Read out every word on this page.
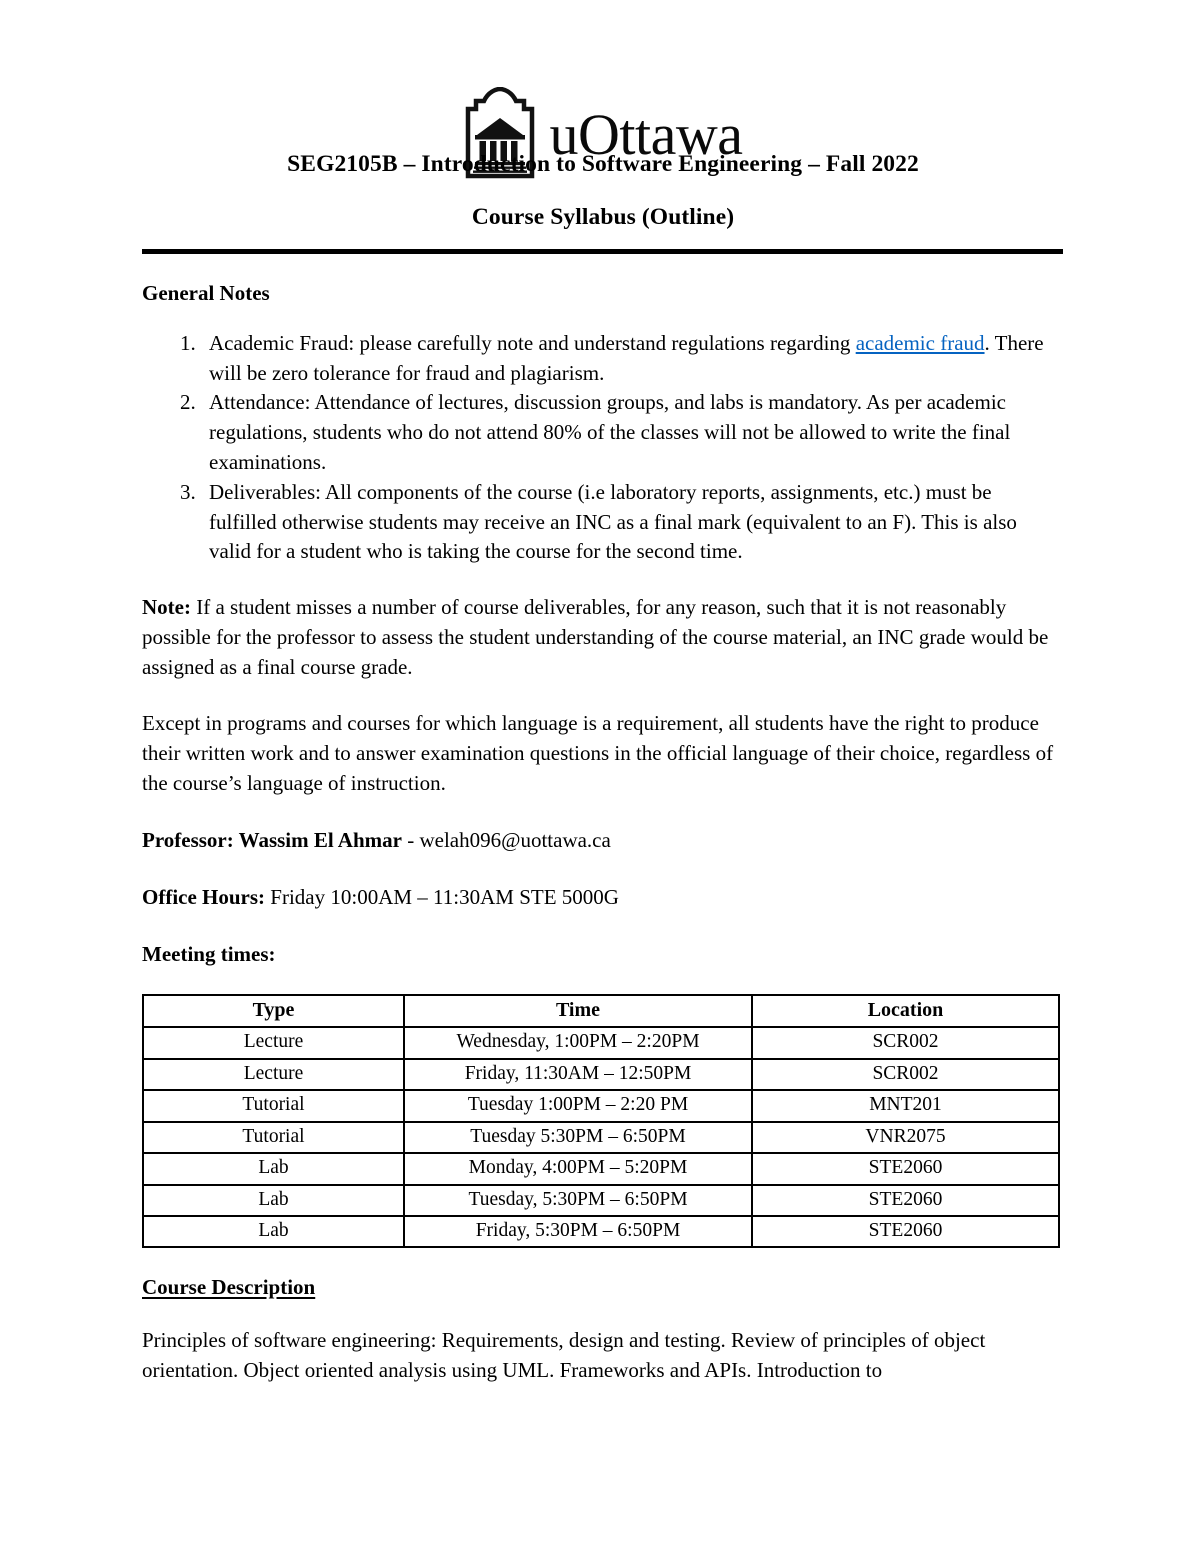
uOttawa
SEG2105B – Introduction to Software Engineering – Fall 2022
Course Syllabus (Outline)
General Notes
1. Academic Fraud: please carefully note and understand regulations regarding academic fraud. There will be zero tolerance for fraud and plagiarism.
2. Attendance: Attendance of lectures, discussion groups, and labs is mandatory. As per academic regulations, students who do not attend 80% of the classes will not be allowed to write the final examinations.
3. Deliverables: All components of the course (i.e laboratory reports, assignments, etc.) must be fulfilled otherwise students may receive an INC as a final mark (equivalent to an F). This is also valid for a student who is taking the course for the second time.

Note: If a student misses a number of course deliverables, for any reason, such that it is not reasonably possible for the professor to assess the student understanding of the course material, an INC grade would be assigned as a final course grade.

Except in programs and courses for which language is a requirement, all students have the right to produce their written work and to answer examination questions in the official language of their choice, regardless of the course’s language of instruction.

Professor: Wassim El Ahmar - welah096@uottawa.ca
Office Hours: Friday 10:00AM – 11:30AM STE 5000G
Meeting times:
Type	Time	Location
Lecture	Wednesday, 1:00PM – 2:20PM	SCR002
Lecture	Friday, 11:30AM – 12:50PM	SCR002
Tutorial	Tuesday 1:00PM – 2:20 PM	MNT201
Tutorial	Tuesday 5:30PM – 6:50PM	VNR2075
Lab	Monday, 4:00PM – 5:20PM	STE2060
Lab	Tuesday, 5:30PM – 6:50PM	STE2060
Lab	Friday, 5:30PM – 6:50PM	STE2060
Course Description

Principles of software engineering: Requirements, design and testing. Review of principles of object orientation. Object oriented analysis using UML. Frameworks and APIs. Introduction to
